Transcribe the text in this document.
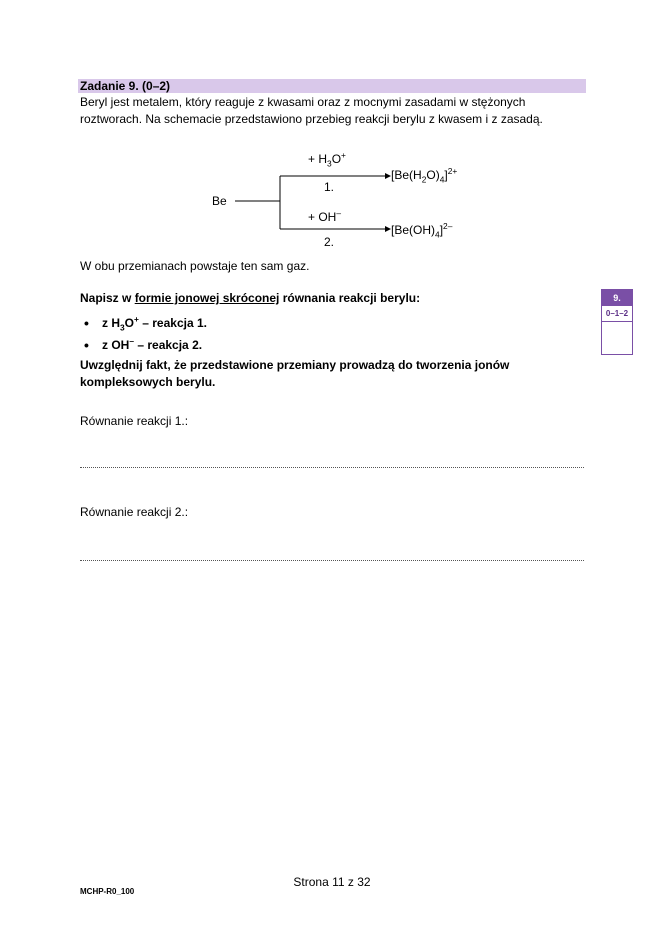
Zadanie 9. (0–2)
Beryl jest metalem, który reaguje z kwasami oraz z mocnymi zasadami w stężonych roztworach. Na schemacie przedstawiono przebieg reakcji berylu z kwasem i z zasadą.
Be
+ $H_3O^+$
1.
$[Be(H_2O)_4]^{2+}$
+ OH–
2.
$[Be(OH)_4]^{2-}$
W obu przemianach powstaje ten sam gaz.
Napisz w formie jonowej skróconej równania reakcji berylu:
• z $H_3O^+$ – reakcja 1.
• z OH– – reakcja 2.
Uwzględnij fakt, że przedstawione przemiany prowadzą do tworzenia jonów kompleksowych berylu.
Równanie reakcji 1.:
Równanie reakcji 2.:
9.
0–1–2
Strona 11 z 32
MCHP-R0_100
